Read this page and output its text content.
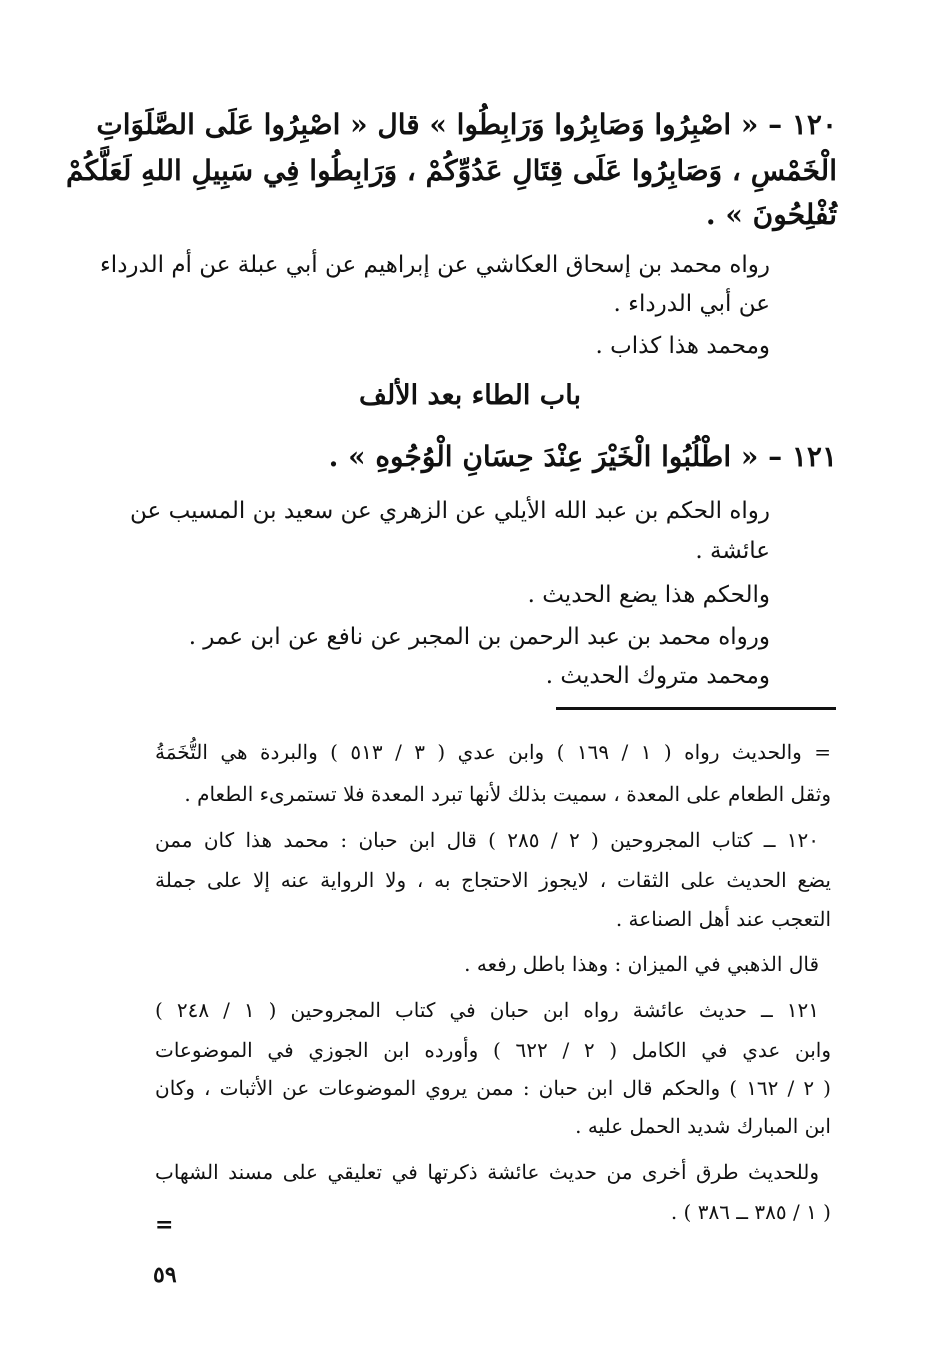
١٢٠ – « اصْبِرُوا وَصَابِرُوا وَرَابِطُوا » قال « اصْبِرُوا عَلَى الصَّلَوَاتِ
الْخَمْسِ ، وَصَابِرُوا عَلَى قِتَالِ عَدُوِّكُمْ ، وَرَابِطُوا فِي سَبِيلِ اللهِ لَعَلَّكُمْ
تُفْلِحُونَ » .
رواه محمد بن إسحاق العكاشي عن إبراهيم عن أبي عبلة عن أم الدرداء
عن أبي الدرداء .
ومحمد هذا كذاب .
باب الطاء بعد الألف
١٢١ – « اطْلُبُوا الْخَيْرَ عِنْدَ حِسَانِ الْوُجُوهِ » .
رواه الحكم بن عبد الله الأيلي عن الزهري عن سعيد بن المسيب عن
عائشة .
والحكم هذا يضع الحديث .
ورواه محمد بن عبد الرحمن بن المجبر عن نافع عن ابن عمر .
ومحمد متروك الحديث .
= والحديث رواه ( ١ / ١٦٩ ) وابن عدي ( ٣ / ٥١٣ ) والبردة هي التُّخَمَةُ
وثقل الطعام على المعدة ، سميت بذلك لأنها تبرد المعدة فلا تستمرىء الطعام .
١٢٠ ــ كتاب المجروحين ( ٢ / ٢٨٥ ) قال ابن حبان : محمد هذا كان ممن
يضع الحديث على الثقات ، لايجوز الاحتجاج به ، ولا الرواية عنه إلا على جملة
التعجب عند أهل الصناعة .
قال الذهبي في الميزان : وهذا باطل رفعه .
١٢١ ــ حديث عائشة رواه ابن حبان في كتاب المجروحين ( ١ / ٢٤٨ )
وابن عدي في الكامل ( ٢ / ٦٢٢ ) وأورده ابن الجوزي في الموضوعات
( ٢ / ١٦٢ ) والحكم قال ابن حبان : ممن يروي الموضوعات عن الأثبات ، وكان
ابن المبارك شديد الحمل عليه .
وللحديث طرق أخرى من حديث عائشة ذكرتها في تعليقي على مسند الشهاب
( ١ / ٣٨٥ ــ ٣٨٦ ) .
=
٥٩
